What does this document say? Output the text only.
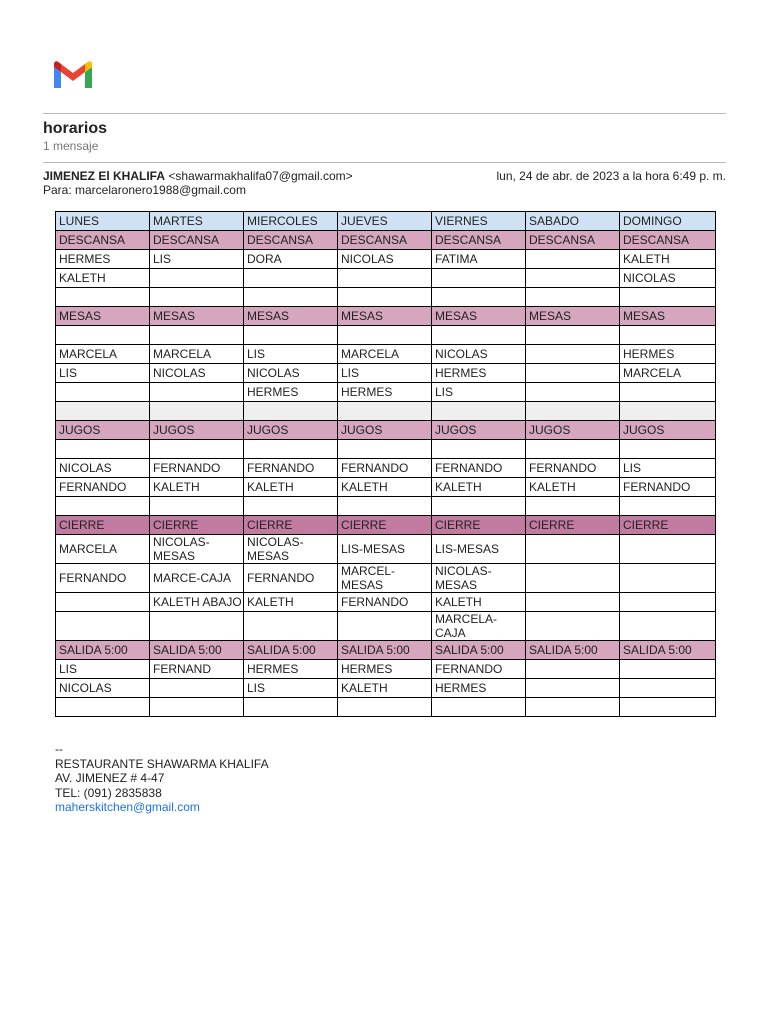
horarios
1 mensaje
JIMENEZ El KHALIFA <shawarmakhalifa07@gmail.com>	lun, 24 de abr. de 2023 a la hora 6:49 p. m.
Para: marcelaronero1988@gmail.com
LUNES	MARTES	MIERCOLES	JUEVES	VIERNES	SABADO	DOMINGO
DESCANSA	DESCANSA	DESCANSA	DESCANSA	DESCANSA	DESCANSA	DESCANSA
HERMES	LIS	DORA	NICOLAS	FATIMA		KALETH
KALETH						NICOLAS

MESAS	MESAS	MESAS	MESAS	MESAS	MESAS	MESAS

MARCELA	MARCELA	LIS	MARCELA	NICOLAS		HERMES
LIS	NICOLAS	NICOLAS	LIS	HERMES		MARCELA
		HERMES	HERMES	LIS		

JUGOS	JUGOS	JUGOS	JUGOS	JUGOS	JUGOS	JUGOS

NICOLAS	FERNANDO	FERNANDO	FERNANDO	FERNANDO	FERNANDO	LIS
FERNANDO	KALETH	KALETH	KALETH	KALETH	KALETH	FERNANDO

CIERRE	CIERRE	CIERRE	CIERRE	CIERRE	CIERRE	CIERRE
MARCELA	NICOLAS-MESAS	NICOLAS-MESAS	LIS-MESAS	LIS-MESAS		
FERNANDO	MARCE-CAJA	FERNANDO	MARCEL-MESAS	NICOLAS-MESAS		
	KALETH ABAJO	KALETH	FERNANDO	KALETH		
				MARCELA-CAJA		
SALIDA 5:00	SALIDA 5:00	SALIDA 5:00	SALIDA 5:00	SALIDA 5:00	SALIDA 5:00	SALIDA 5:00
LIS	FERNAND	HERMES	HERMES	FERNANDO		
NICOLAS		LIS	KALETH	HERMES		

--
RESTAURANTE SHAWARMA KHALIFA
AV. JIMENEZ # 4-47
TEL: (091) 2835838
maherskitchen@gmail.com
